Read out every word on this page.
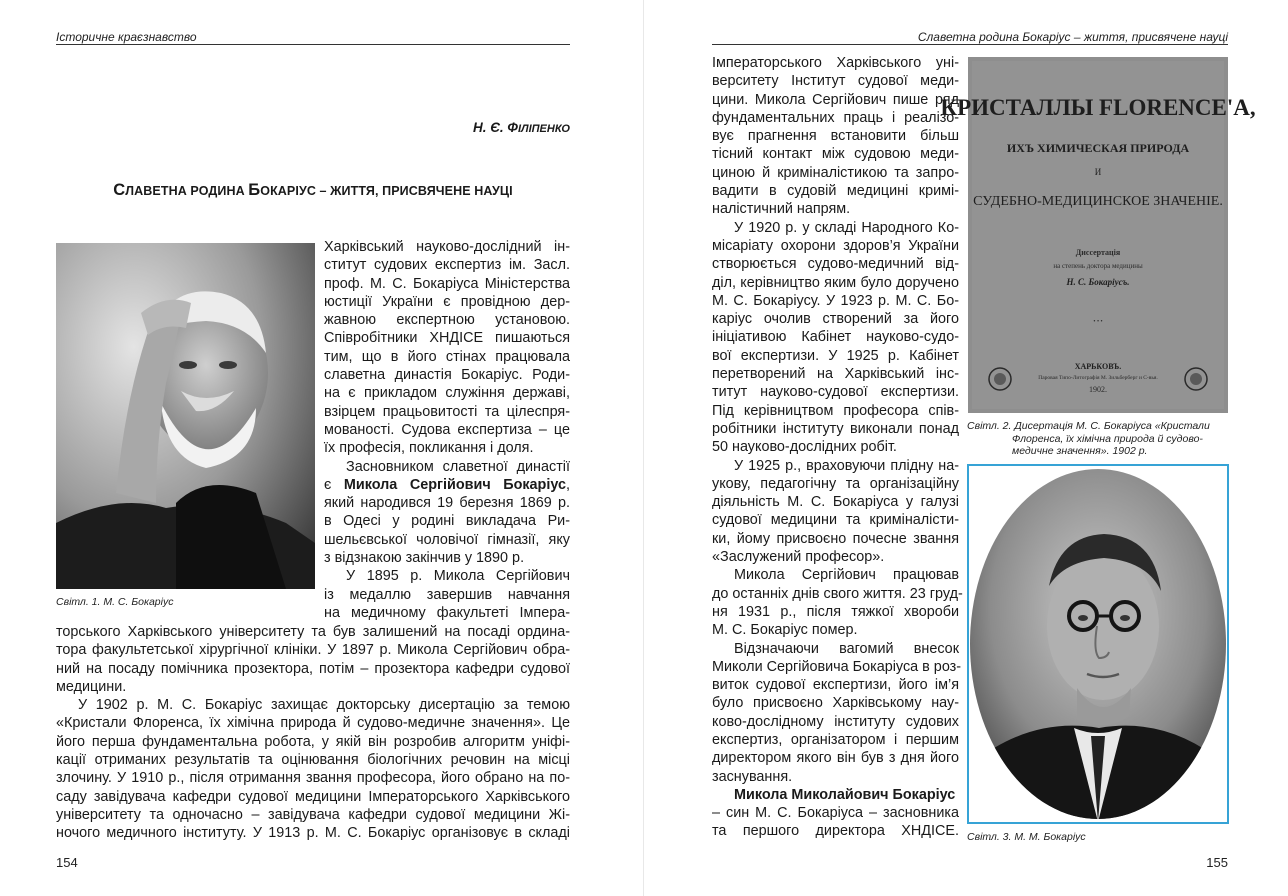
Історичне краєзнавство
Н. Є. ФІЛІПЕНКО
СЛАВЕТНА РОДИНА БОКАРІУС – ЖИТТЯ, ПРИСВЯЧЕНЕ НАУЦІ
Світл. 1. М. С. Бокаріус
Харківський науково-дослідний ін-
ститут судових експертиз ім. Засл.
проф. М. С. Бокаріуса Міністерства
юстиції України є провідною дер-
жавною експертною установою.
Співробітники ХНДІСЕ пишаються
тим, що в його стінах працювала
славетна династія Бокаріус. Роди-
на є прикладом служіння державі,
взірцем працьовитості та цілеспря-
мованості. Судова експертиза – це
їх професія, покликання і доля.
Засновником славетної династії
є Микола Сергійович Бокаріус,
який народився 19 березня 1869 р.
в Одесі у родині викладача Ри-
шельєвської чоловічої гімназії, яку
з відзнакою закінчив у 1890 р.
У 1895 р. Микола Сергійович
із медаллю завершив навчання
на медичному факультеті Імпера-
торського Харківського університету та був залишений на посаді ордина-
тора факультетської хірургічної клініки. У 1897 р. Микола Сергійович обра-
ний на посаду помічника прозектора, потім – прозектора кафедри судової
медицини.
У 1902 р. М. С. Бокаріус захищає докторську дисертацію за темою
«Кристали Флоренса, їх хімічна природа й судово-медичне значення». Це
його перша фундаментальна робота, у якій він розробив алгоритм уніфі-
кації отриманих результатів та оцінювання біологічних речовин на місці
злочину. У 1910 р., після отримання звання професора, його обрано на по-
саду завідувача кафедри судової медицини Імператорського Харківського
університету та одночасно – завідувача кафедри судової медицини Жі-
ночого медичного інституту. У 1913 р. М. С. Бокаріус організовує в складі
154
Славетна родина Бокаріус – життя, присвячене науці
Імператорського Харківського уні-
верситету Інститут судової меди-
цини. Микола Сергійович пише ряд
фундаментальних праць і реалізо-
вує прагнення встановити більш
тісний контакт між судовою меди-
циною й криміналістикою та запро-
вадити в судовій медицині кримі-
налістичний напрям.
У 1920 р. у складі Народного Ко-
місаріату охорони здоров’я України
створюється судово-медичний від-
діл, керівництво яким було доручено
М. С. Бокаріусу. У 1923 р. М. С. Бо-
каріус очолив створений за його
ініціативою Кабінет науково-судо-
вої експертизи. У 1925 р. Кабінет
перетворений на Харківський інс-
титут науково-судової експертизи.
Під керівництвом професора спів-
робітники інституту виконали понад
50 науково-дослідних робіт.
У 1925 р., враховуючи плідну на-
укову, педагогічну та організаційну
діяльність М. С. Бокаріуса у галузі
судової медицини та криміналісти-
ки, йому присвоєно почесне звання
«Заслужений професор».
Микола Сергійович працював
до останніх днів свого життя. 23 груд-
ня 1931 р., після тяжкої хвороби
М. С. Бокаріус помер.
Відзначаючи вагомий внесок
Миколи Сергійовича Бокаріуса в роз-
виток судової експертизи, його ім’я
було присвоєно Харківському нау-
ково-дослідному інституту судових
експертиз, організатором і першим
директором якого він був з дня його
заснування.
Микола Миколайович Бокаріус
– син М. С. Бокаріуса – засновника
та першого директора ХНДІСЕ.
КРИСТАЛЛЫ FLORENCE'А,
ИХЪ ХИМИЧЕСКАЯ ПРИРОДА
И
СУДЕБНО-МЕДИЦИНСКОЕ ЗНАЧЕНІЕ.
Диссертація
на степень доктора медицины
Н. С. Бокаріусъ.
• • •
ХАРЬКОВЪ.
Паровая Типо-Литографія М. Зильберберг и С-вья.
1902.
Світл. 2. Дисертація М. С. Бокаріуса «Кристали
Флоренса, їх хімічна природа й судово-
медичне значення». 1902 р.
Світл. 3. М. М. Бокаріус
155
